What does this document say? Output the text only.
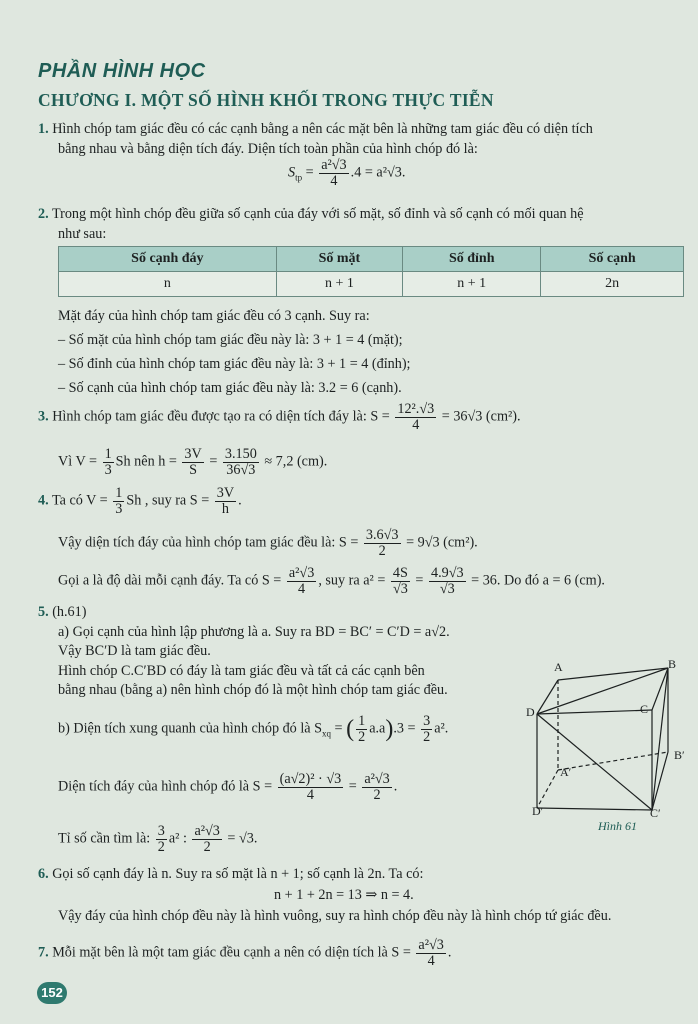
PHẦN HÌNH HỌC
CHƯƠNG I. MỘT SỐ HÌNH KHỐI TRONG THỰC TIỄN
1. Hình chóp tam giác đều có các cạnh bằng a nên các mặt bên là những tam giác đều có diện tích
bằng nhau và bằng diện tích đáy. Diện tích toàn phần của hình chóp đó là:
$S_{tp} = \frac{\text{a²√3}}{4} .4 = a^2√3$.
2. Trong một hình chóp đều giữa số cạnh của đáy với số mặt, số đỉnh và số cạnh có mối quan hệ
như sau:
Số cạnh đáy	Số mặt	Số đỉnh	Số cạnh
n	n + 1	n + 1	2n
Mặt đáy của hình chóp tam giác đều có 3 cạnh. Suy ra:
– Số mặt của hình chóp tam giác đều này là: 3 + 1 = 4 (mặt);
– Số đỉnh của hình chóp tam giác đều này là: 3 + 1 = 4 (đỉnh);
– Số cạnh của hình chóp tam giác đều này là: 3.2 = 6 (cạnh).
3. Hình chóp tam giác đều được tạo ra có diện tích đáy là: $S = \frac{\text{12².√3}}{4} = 36√3$ (cm²).
Vì $V = \frac{1}{3}$ Sh nên $h = \frac{3V}{S} = \frac{3.150}{36√3} \approx 7,2$ (cm).
4. Ta có $V = \frac{1}{3}$ Sh , suy ra $S = \frac{3V}{h}$ .
Vậy diện tích đáy của hình chóp tam giác đều là: $S = \frac{3.6√3}{2} = 9√3$ (cm²).
Gọi a là độ dài mỗi cạnh đáy. Ta có $S = \frac{\text{a²√3}}{4}$ , suy ra $a^2 = \frac{4S}{√3} = \frac{4.9√3}{√3} = 36$. Do đó a = 6 (cm).
5. (h.61)
a) Gọi cạnh của hình lập phương là a. Suy ra BD = BC′ = C′D = a√2.
Vậy BC′D là tam giác đều.
Hình chóp C.C′BD có đáy là tam giác đều và tất cả các cạnh bên
bằng nhau (bằng a) nên hình chóp đó là một hình chóp tam giác đều.
b) Diện tích xung quanh của hình chóp đó là $S_{xq}$ = ( $\frac{1}{2} a.a).3 = \frac{3}{2} a^2$.
Diện tích đáy của hình chóp đó là $S = \frac{\text{(a√2)² · √3}}{4} = \frac{\text{a²√3}}{2}$ .
Tỉ số cần tìm là: $\frac{3}{2} a^2$ : $\frac{\text{a²√3}}{2} = √3$.
A	B
C
D
A′
B′
C′
D′
Hình 61
6. Gọi số cạnh đáy là n. Suy ra số mặt là n + 1; số cạnh là 2n. Ta có:
n + 1 + 2n = 13 ⇒ n = 4.
Vậy đáy của hình chóp đều này là hình vuông, suy ra hình chóp đều này là hình chóp tứ giác đều.
7. Mỗi mặt bên là một tam giác đều cạnh a nên có diện tích là $S = \frac{\text{a²√3}}{4}$ .
152
